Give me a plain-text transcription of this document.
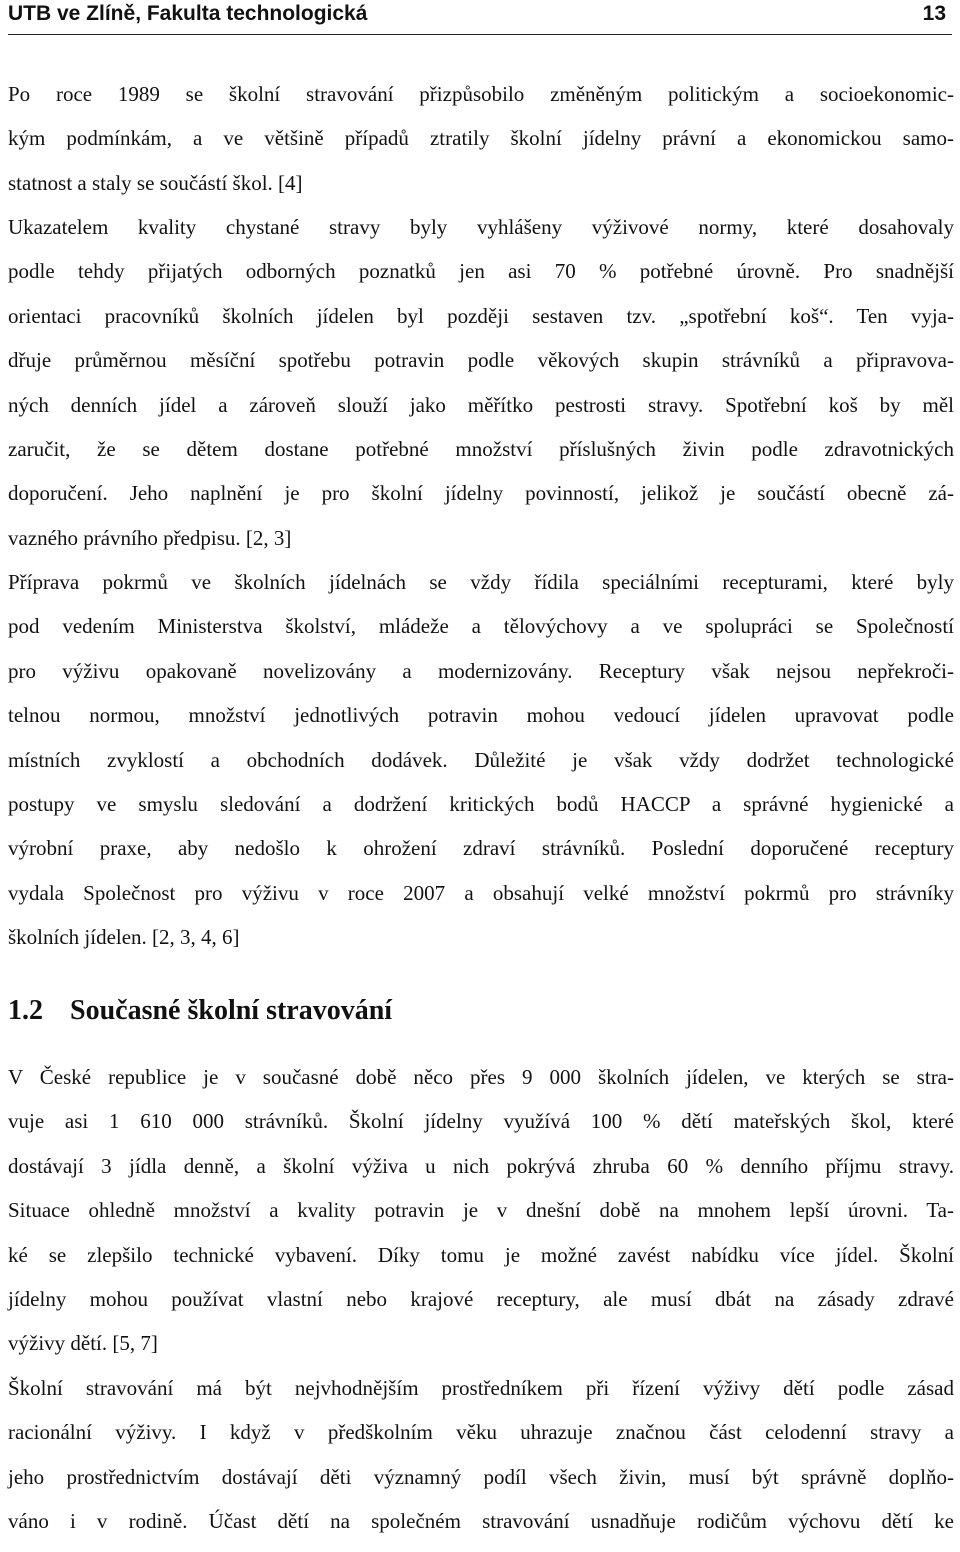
UTB ve Zlíně, Fakulta technologická	13
Po roce 1989 se školní stravování přizpůsobilo změněným politickým a socioekonomic-
kým podmínkám, a ve většině případů ztratily školní jídelny právní a ekonomickou samo-
statnost a staly se součástí škol. [4]
Ukazatelem kvality chystané stravy byly vyhlášeny výživové normy, které dosahovaly
podle tehdy přijatých odborných poznatků jen asi 70 % potřebné úrovně. Pro snadnější
orientaci pracovníků školních jídelen byl později sestaven tzv. „spotřební koš“. Ten vyja-
dřuje průměrnou měsíční spotřebu potravin podle věkových skupin strávníků a připravova-
ných denních jídel a zároveň slouží jako měřítko pestrosti stravy. Spotřební koš by měl
zaručit, že se dětem dostane potřebné množství příslušných živin podle zdravotnických
doporučení. Jeho naplnění je pro školní jídelny povinností, jelikož je součástí obecně zá-
vazného právního předpisu. [2, 3]
Příprava pokrmů ve školních jídelnách se vždy řídila speciálními recepturami, které byly
pod vedením Ministerstva školství, mládeže a tělovýchovy a ve spolupráci se Společností
pro výživu opakovaně novelizovány a modernizovány. Receptury však nejsou nepřekroči-
telnou normou, množství jednotlivých potravin mohou vedoucí jídelen upravovat podle
místních zvyklostí a obchodních dodávek. Důležité je však vždy dodržet technologické
postupy ve smyslu sledování a dodržení kritických bodů HACCP a správné hygienické a
výrobní praxe, aby nedošlo k ohrožení zdraví strávníků. Poslední doporučené receptury
vydala Společnost pro výživu v roce 2007 a obsahují velké množství pokrmů pro strávníky
školních jídelen. [2, 3, 4, 6]
1.2 Současné školní stravování
V České republice je v současné době něco přes 9 000 školních jídelen, ve kterých se stra-
vuje asi 1 610 000 strávníků. Školní jídelny využívá 100 % dětí mateřských škol, které
dostávají 3 jídla denně, a školní výživa u nich pokrývá zhruba 60 % denního příjmu stravy.
Situace ohledně množství a kvality potravin je v dnešní době na mnohem lepší úrovni. Ta-
ké se zlepšilo technické vybavení. Díky tomu je možné zavést nabídku více jídel. Školní
jídelny mohou používat vlastní nebo krajové receptury, ale musí dbát na zásady zdravé
výživy dětí. [5, 7]
Školní stravování má být nejvhodnějším prostředníkem při řízení výživy dětí podle zásad
racionální výživy. I když v předškolním věku uhrazuje značnou část celodenní stravy a
jeho prostřednictvím dostávají děti významný podíl všech živin, musí být správně doplňo-
váno i v rodině. Účast dětí na společném stravování usnadňuje rodičům výchovu dětí ke
